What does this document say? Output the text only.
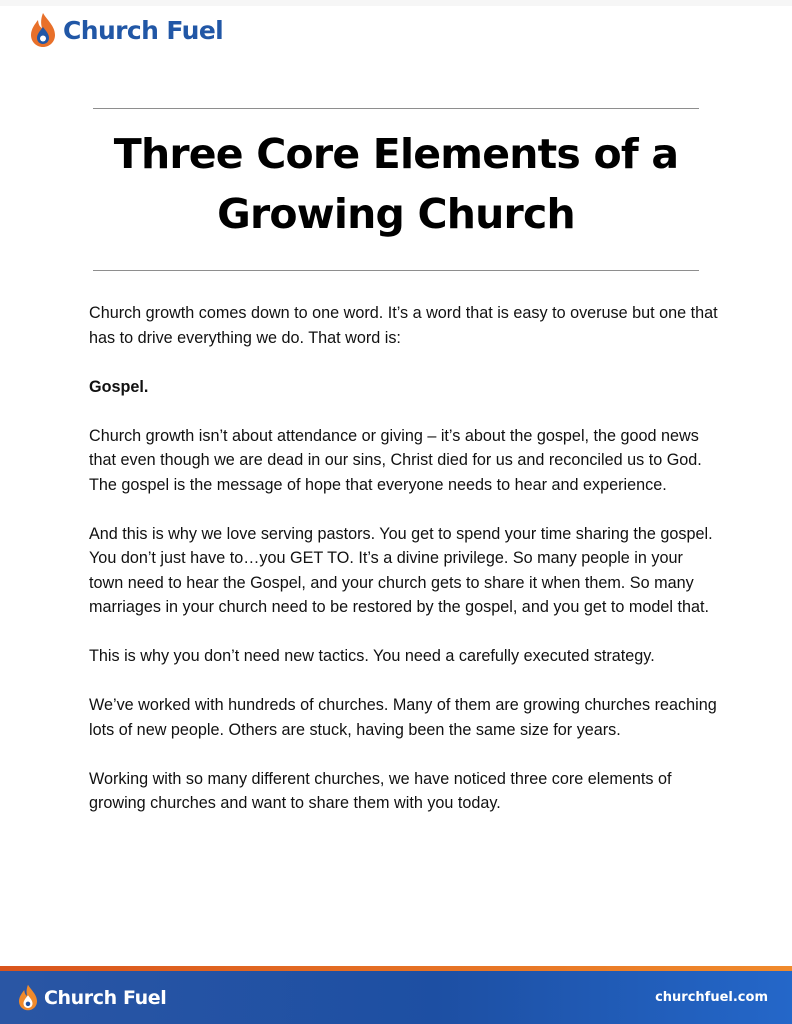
Church Fuel
Three Core Elements of a
Growing Church

Church growth comes down to one word. It’s a word that is easy to overuse but one that has to drive everything we do. That word is:

Gospel.

Church growth isn’t about attendance or giving – it’s about the gospel, the good news that even though we are dead in our sins, Christ died for us and reconciled us to God. The gospel is the message of hope that everyone needs to hear and experience.

And this is why we love serving pastors. You get to spend your time sharing the gospel. You don’t just have to…you GET TO. It’s a divine privilege. So many people in your town need to hear the Gospel, and your church gets to share it when them. So many marriages in your church need to be restored by the gospel, and you get to model that.

This is why you don’t need new tactics. You need a carefully executed strategy.

We’ve worked with hundreds of churches. Many of them are growing churches reaching lots of new people. Others are stuck, having been the same size for years.

Working with so many different churches, we have noticed three core elements of growing churches and want to share them with you today.

Church Fuel	churchfuel.com
